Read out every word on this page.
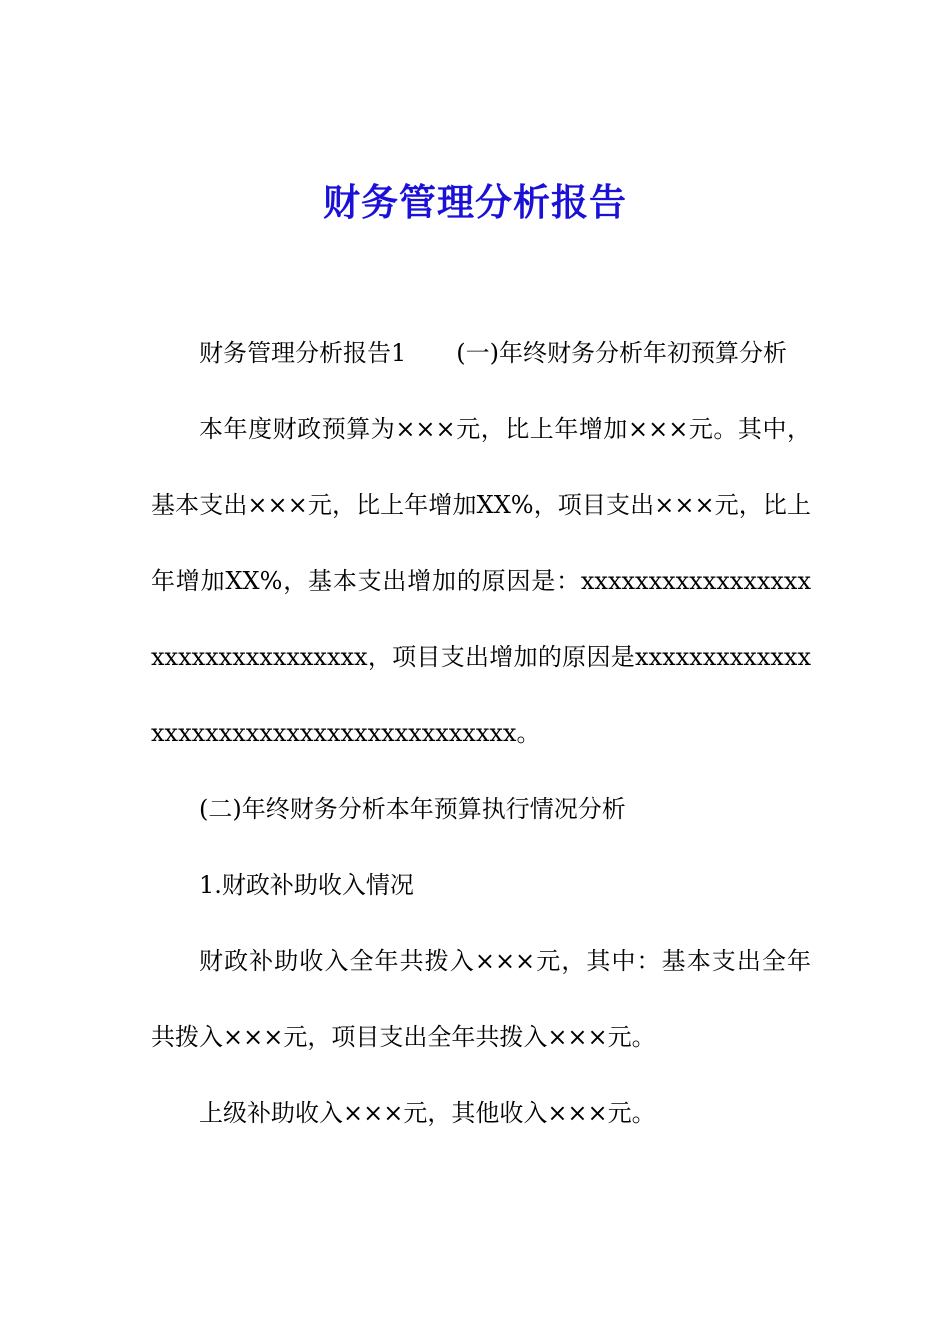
财务管理分析报告

财务管理分析报告1 (一)年终财务分析年初预算分析

本年度财政预算为×××元，比上年增加×××元。其中，基本支出×××元，比上年增加XX%，项目支出×××元，比上年增加XX%，基本支出增加的原因是：xxxxxxxxxxxxxxxxxxxxxxxxxxxxxxxxx，项目支出增加的原因是xxxxxxxxxxxxxxxxxxxxxxxxxxxxxxxxxxxxxxxx。

(二)年终财务分析本年预算执行情况分析

1.财政补助收入情况

财政补助收入全年共拨入×××元，其中：基本支出全年共拨入×××元，项目支出全年共拨入×××元。

上级补助收入×××元，其他收入×××元。
